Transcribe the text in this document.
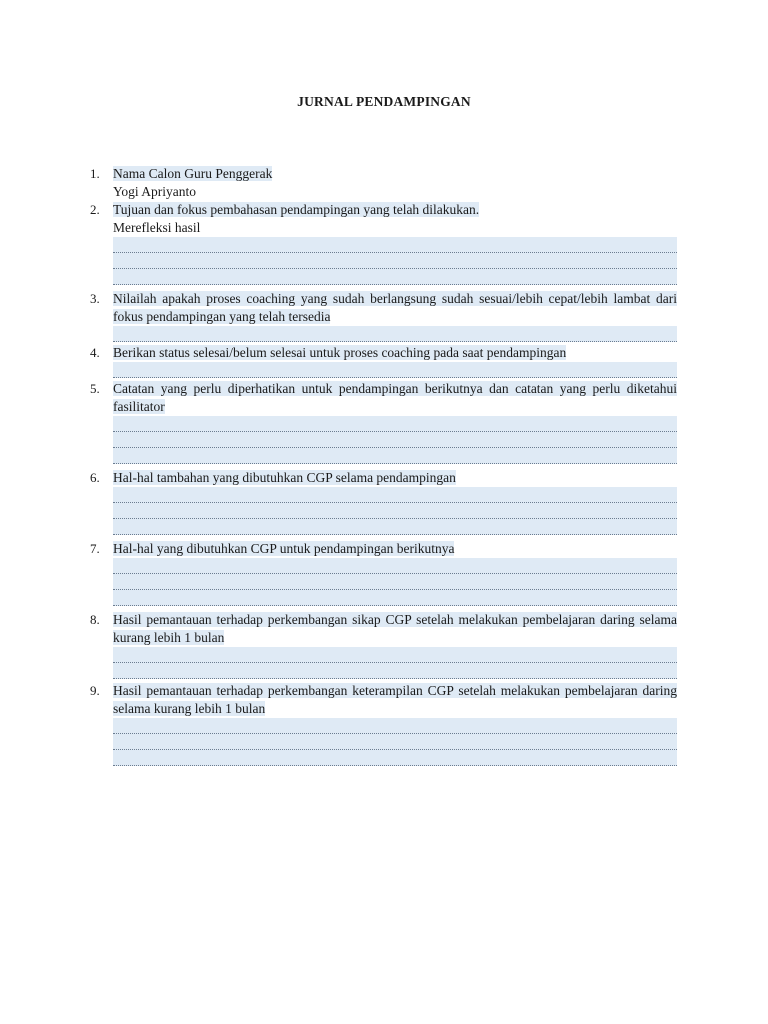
JURNAL PENDAMPINGAN
1. Nama Calon Guru Penggerak
Yogi Apriyanto
2. Tujuan dan fokus pembahasan pendampingan yang telah dilakukan.
Merefleksi hasil
3. Nilailah apakah proses coaching yang sudah berlangsung sudah sesuai/lebih cepat/lebih lambat dari fokus pendampingan yang telah tersedia
4. Berikan status selesai/belum selesai untuk proses coaching pada saat pendampingan
5. Catatan yang perlu diperhatikan untuk pendampingan berikutnya dan catatan yang perlu diketahui fasilitator
6. Hal-hal tambahan yang dibutuhkan CGP selama pendampingan
7. Hal-hal yang dibutuhkan CGP untuk pendampingan berikutnya
8. Hasil pemantauan terhadap perkembangan sikap CGP setelah melakukan pembelajaran daring selama kurang lebih 1 bulan
9. Hasil pemantauan terhadap perkembangan keterampilan CGP setelah melakukan pembelajaran daring selama kurang lebih 1 bulan
